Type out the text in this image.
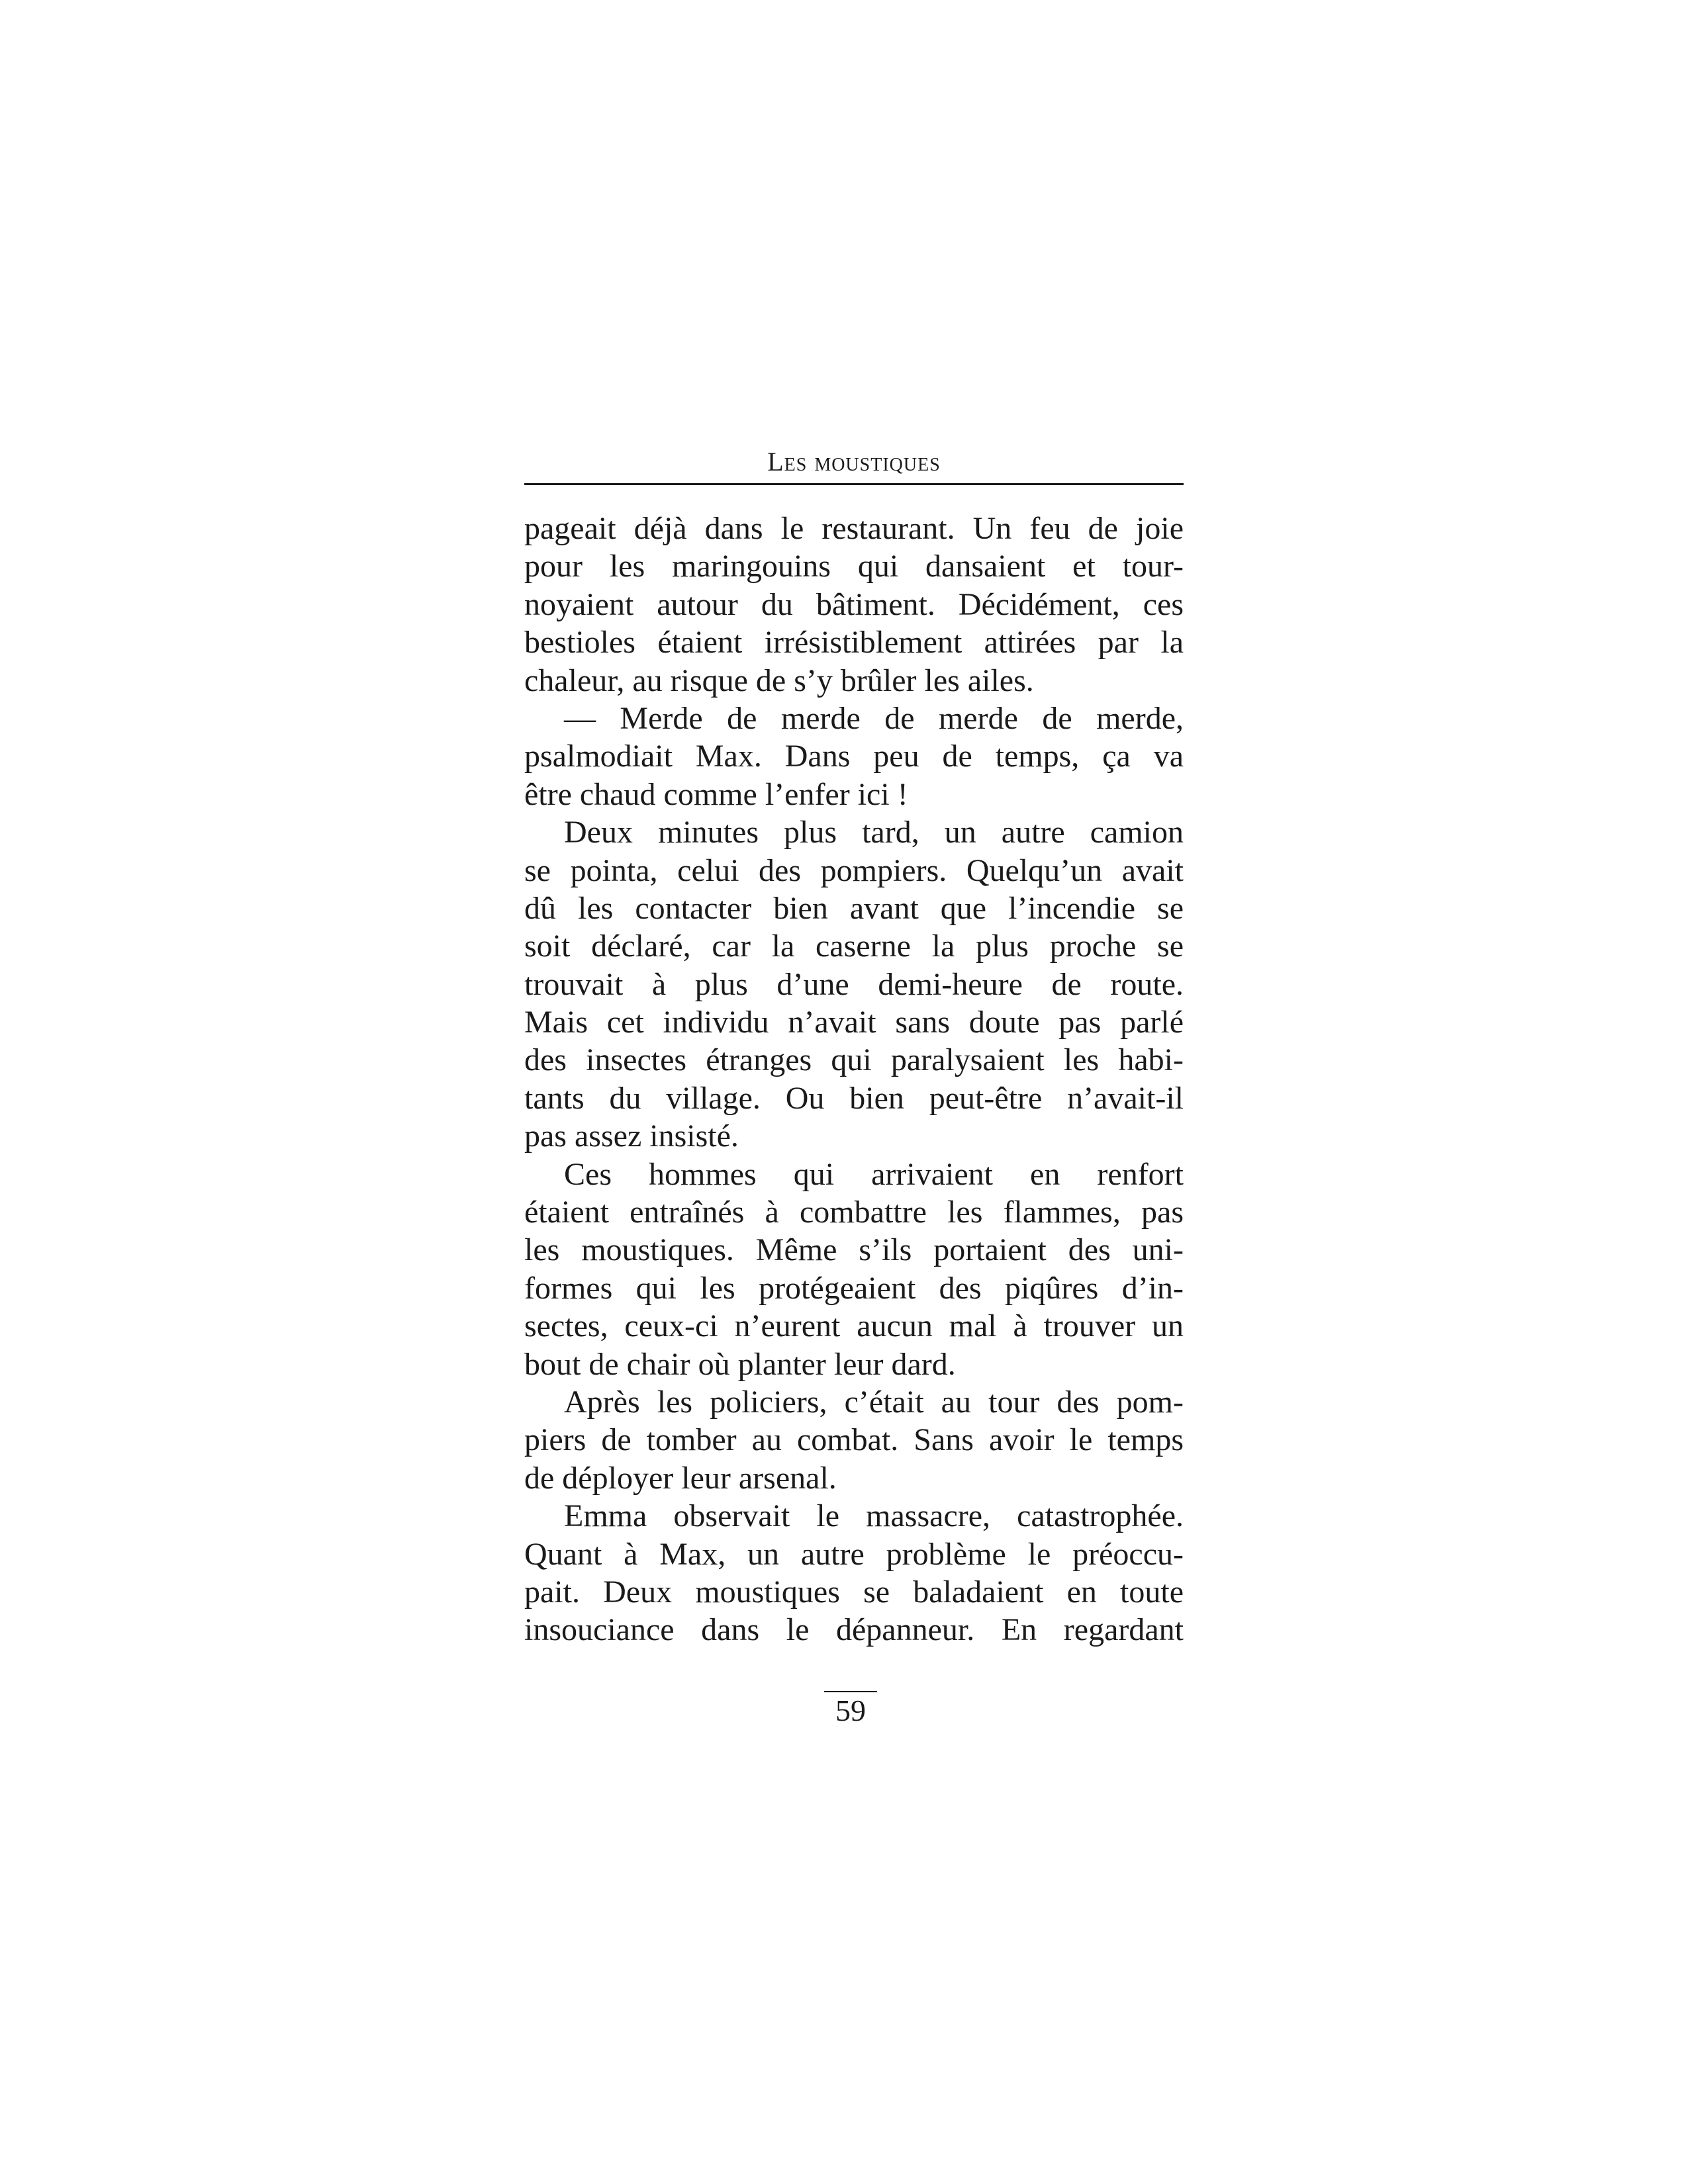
Les moustiques
pageait déjà dans le restaurant. Un feu de joie
pour les maringouins qui dansaient et tour-
noyaient autour du bâtiment. Décidément, ces
bestioles étaient irrésistiblement attirées par la
chaleur, au risque de s’y brûler les ailes.
— Merde de merde de merde de merde,
psalmodiait Max. Dans peu de temps, ça va
être chaud comme l’enfer ici !
Deux minutes plus tard, un autre camion
se pointa, celui des pompiers. Quelqu’un avait
dû les contacter bien avant que l’incendie se
soit déclaré, car la caserne la plus proche se
trouvait à plus d’une demi-heure de route.
Mais cet individu n’avait sans doute pas parlé
des insectes étranges qui paralysaient les habi-
tants du village. Ou bien peut-être n’avait-il
pas assez insisté.
Ces hommes qui arrivaient en renfort
étaient entraînés à combattre les flammes, pas
les moustiques. Même s’ils portaient des uni-
formes qui les protégeaient des piqûres d’in-
sectes, ceux-ci n’eurent aucun mal à trouver un
bout de chair où planter leur dard.
Après les policiers, c’était au tour des pom-
piers de tomber au combat. Sans avoir le temps
de déployer leur arsenal.
Emma observait le massacre, catastrophée.
Quant à Max, un autre problème le préoccu-
pait. Deux moustiques se baladaient en toute
insouciance dans le dépanneur. En regardant
59
